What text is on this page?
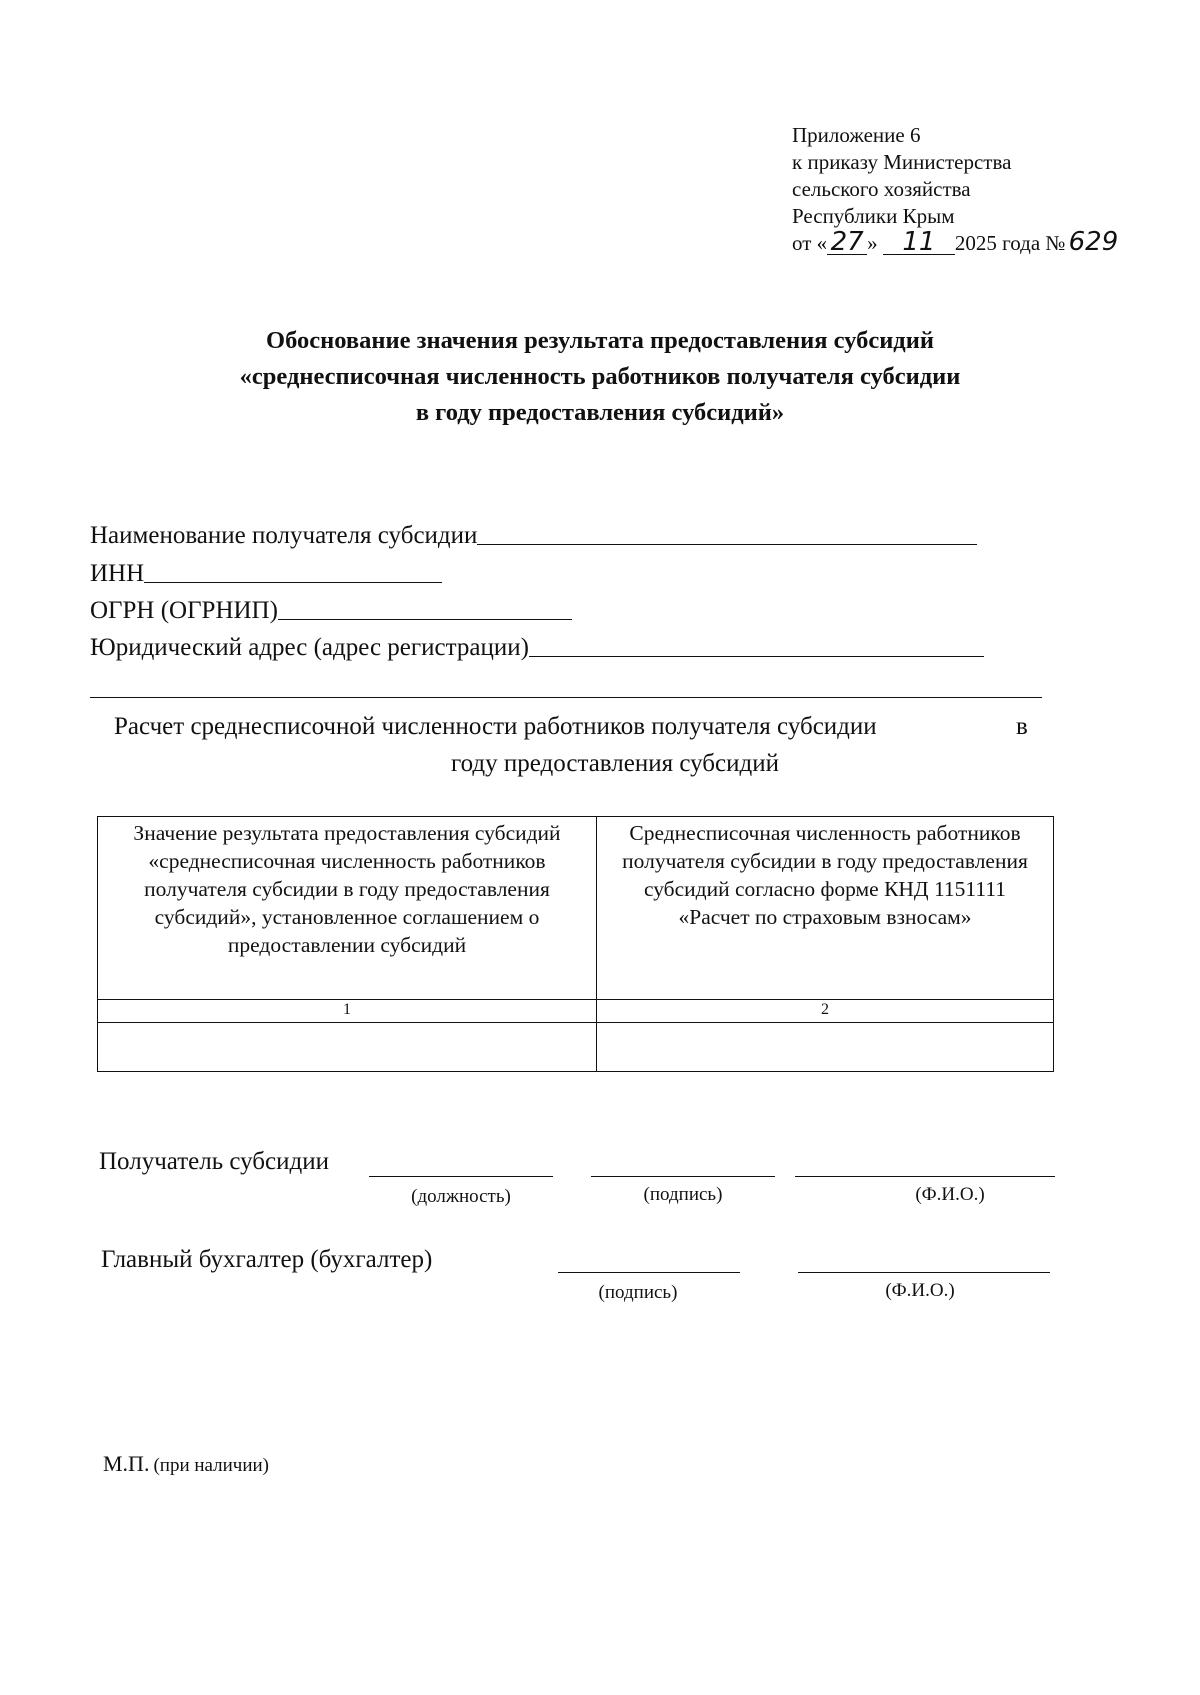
Приложение 6
к приказу Министерства
сельского хозяйства
Республики Крым
от « 27 » 11 2025 года № 629
Обоснование значения результата предоставления субсидий
«среднесписочная численность работников получателя субсидии
в году предоставления субсидий»
Наименование получателя субсидии
ИНН
ОГРН (ОГРНИП)
Юридический адрес (адрес регистрации)
Расчет среднесписочной численности работников получателя субсидии	в
году предоставления субсидий
Значение результата предоставления субсидий «среднесписочная численность работников получателя субсидии в году предоставления субсидий», установленное соглашением о предоставлении субсидий	Среднесписочная численность работников получателя субсидии в году предоставления субсидий согласно форме КНД 1151111 «Расчет по страховым взносам»
1	2

Получатель субсидии
(должность)	(подпись)	(Ф.И.О.)
Главный бухгалтер (бухгалтер)
(подпись)	(Ф.И.О.)
М.П. (при наличии)
